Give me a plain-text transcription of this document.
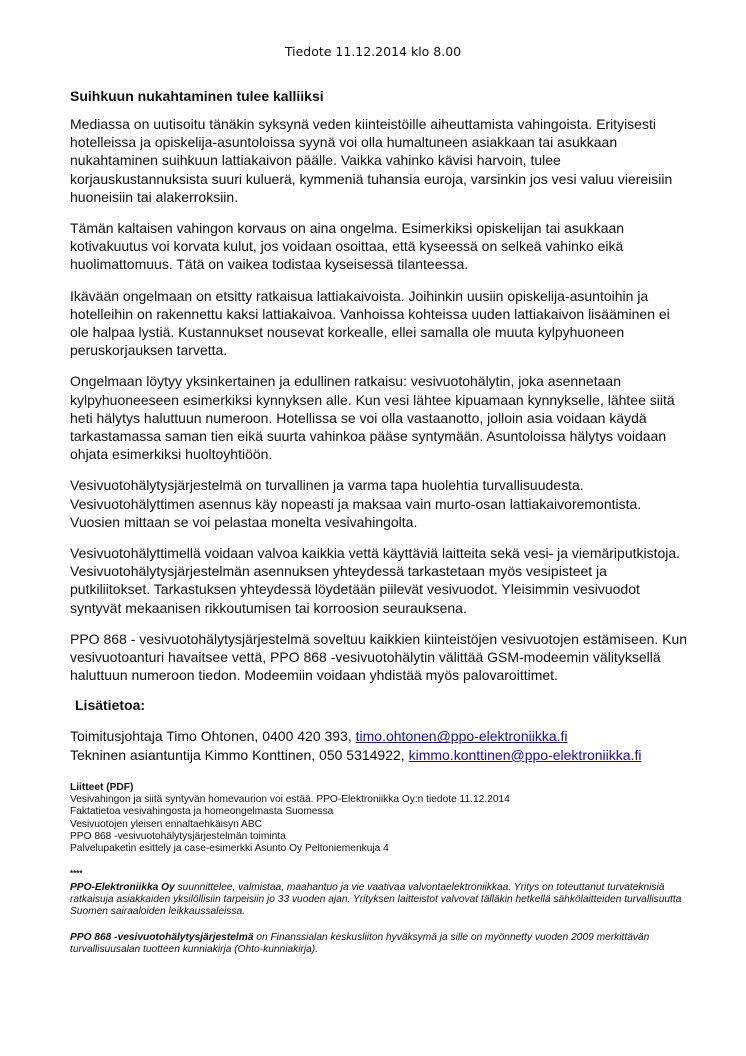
Tiedote 11.12.2014 klo 8.00
Suihkuun nukahtaminen tulee kalliiksi

Mediassa on uutisoitu tänäkin syksynä veden kiinteistöille aiheuttamista vahingoista. Erityisesti hotelleissa ja opiskelija-asuntoloissa syynä voi olla humaltuneen asiakkaan tai asukkaan nukahtaminen suihkuun lattiakaivon päälle. Vaikka vahinko kävisi harvoin, tulee korjauskustannuksista suuri kuluerä, kymmeniä tuhansia euroja, varsinkin jos vesi valuu viereisiin huoneisiin tai alakerroksiin.

Tämän kaltaisen vahingon korvaus on aina ongelma. Esimerkiksi opiskelijan tai asukkaan kotivakuutus voi korvata kulut, jos voidaan osoittaa, että kyseessä on selkeä vahinko eikä huolimattomuus. Tätä on vaikea todistaa kyseisessä tilanteessa.

Ikävään ongelmaan on etsitty ratkaisua lattiakaivoista. Joihinkin uusiin opiskelija-asuntoihin ja hotelleihin on rakennettu kaksi lattiakaivoa. Vanhoissa kohteissa uuden lattiakaivon lisääminen ei ole halpaa lystiä. Kustannukset nousevat korkealle, ellei samalla ole muuta kylpyhuoneen peruskorjauksen tarvetta.

Ongelmaan löytyy yksinkertainen ja edullinen ratkaisu: vesivuotohälytin, joka asennetaan kylpyhuoneeseen esimerkiksi kynnyksen alle. Kun vesi lähtee kipuamaan kynnykselle, lähtee siitä heti hälytys haluttuun numeroon. Hotellissa se voi olla vastaanotto, jolloin asia voidaan käydä tarkastamassa saman tien eikä suurta vahinkoa pääse syntymään. Asuntoloissa hälytys voidaan ohjata esimerkiksi huoltoyhtiöön.

Vesivuotohälytysjärjestelmä on turvallinen ja varma tapa huolehtia turvallisuudesta. Vesivuotohälyttimen asennus käy nopeasti ja maksaa vain murto-osan lattiakaivoremontista. Vuosien mittaan se voi pelastaa monelta vesivahingolta.

Vesivuotohälyttimellä voidaan valvoa kaikkia vettä käyttäviä laitteita sekä vesi- ja viemäriputkistoja. Vesivuotohälytysjärjestelmän asennuksen yhteydessä tarkastetaan myös vesipisteet ja putkiliitokset. Tarkastuksen yhteydessä löydetään piilevät vesivuodot. Yleisimmin vesivuodot syntyvät mekaanisen rikkoutumisen tai korroosion seurauksena.

PPO 868 - vesivuotohälytysjärjestelmä soveltuu kaikkien kiinteistöjen vesivuotojen estämiseen. Kun vesivuotoanturi havaitsee vettä, PPO 868 -vesivuotohälytin välittää GSM-modeemin välityksellä haluttuun numeroon tiedon. Modeemiin voidaan yhdistää myös palovaroittimet.

Lisätietoa:

Toimitusjohtaja Timo Ohtonen, 0400 420 393, timo.ohtonen@ppo-elektroniikka.fi

Tekninen asiantuntija Kimmo Konttinen, 050 5314922, kimmo.konttinen@ppo-elektroniikka.fi

Liitteet (PDF)
Vesivahingon ja siitä syntyvän homevaurion voi estää. PPO-Elektroniikka Oy:n tiedote 11.12.2014
Faktatietoa vesivahingosta ja homeongelmasta Suomessa
Vesivuotojen yleisen ennaltaehkäisyn ABC
PPO 868 -vesivuotohälytysjärjestelmän toiminta
Palvelupaketin esittely ja case-esimerkki Asunto Oy Peltoniemenkuja 4
****

PPO-Elektroniikka Oy suunnittelee, valmistaa, maahantuo ja vie vaativaa valvontaelektroniikkaa. Yritys on toteuttanut turvateknisiä ratkaisuja asiakkaiden yksilöllisiin tarpeisiin jo 33 vuoden ajan. Yrityksen laitteistot valvovat tälläkin hetkellä sähkölaitteiden turvallisuutta Suomen sairaaloiden leikkaussaleissa.

PPO 868 -vesivuotohälytysjärjestelmä on Finanssialan keskusliiton hyväksymä ja sille on myönnetty vuoden 2009 merkittävän turvallisuusalan tuotteen kunniakirja (Ohto-kunniakirja).
